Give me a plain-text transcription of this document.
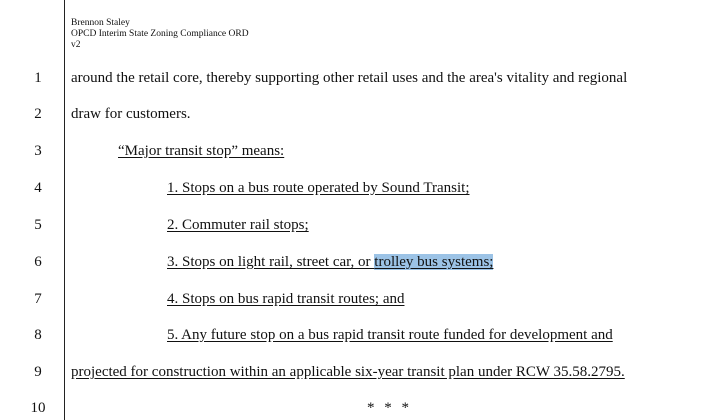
Brennon Staley
OPCD Interim State Zoning Compliance ORD
v2
1
2
3
4
5
6
7
8
9
10
around the retail core, thereby supporting other retail uses and the area's vitality and regional
draw for customers.
“Major transit stop” means:
1. Stops on a bus route operated by Sound Transit;
2. Commuter rail stops;
3. Stops on light rail, street car, or trolley bus systems;
4. Stops on bus rapid transit routes; and
5. Any future stop on a bus rapid transit route funded for development and
projected for construction within an applicable six-year transit plan under RCW 35.58.2795.
* * *
